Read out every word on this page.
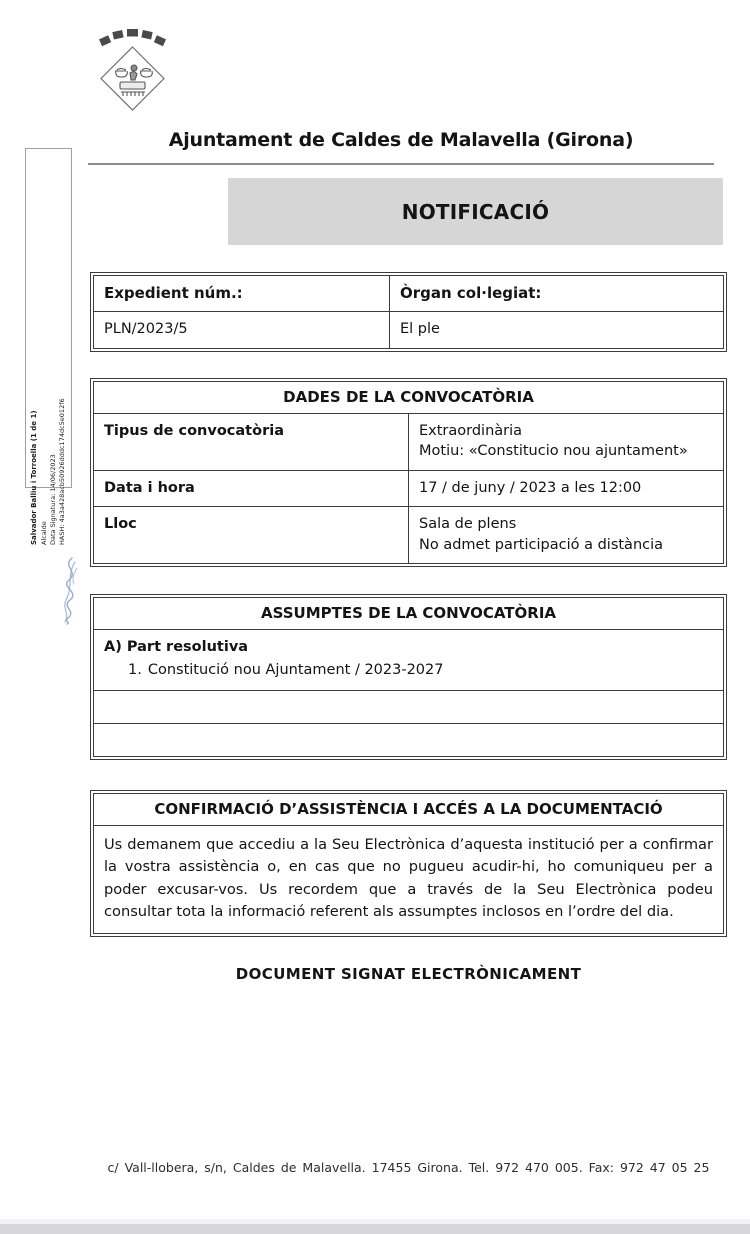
Ajuntament de Caldes de Malavella (Girona)
NOTIFICACIÓ
Expedient núm.:	Òrgan col·legiat:
PLN/2023/5	El ple
DADES DE LA CONVOCATÒRIA	
Tipus de convocatòria	Extraordinària
Motiu: «Constitucio nou ajuntament»

Data i hora	17 / de juny / 2023 a les 12:00

Lloc	Sala de plens
No admet participació a distància
ASSUMPTES DE LA CONVOCATÒRIA

A) Part resolutiva
1. Constitució nou Ajuntament / 2023-2027

CONFIRMACIÓ D’ASSISTÈNCIA I ACCÉS A LA DOCUMENTACIÓ
Us demanem que accediu a la Seu Electrònica d’aquesta institució per a confirmar la vostra assistència o, en cas que no pugueu acudir-hi, ho comuniqueu per a poder excusar-vos. Us recordem que a través de la Seu Electrònica podeu consultar tota la informació referent als assumptes inclosos en l’ordre del dia.
DOCUMENT SIGNAT ELECTRÒNICAMENT
Salvador Balliu i Torroella (1 de 1) Alcalde Data Signatura: 14/06/2023 HASH: 4a3a428acb50926dddc174dc5e012f6
c/ Vall-llobera, s/n, Caldes de Malavella. 17455 Girona. Tel. 972 470 005. Fax: 972 47 05 25
